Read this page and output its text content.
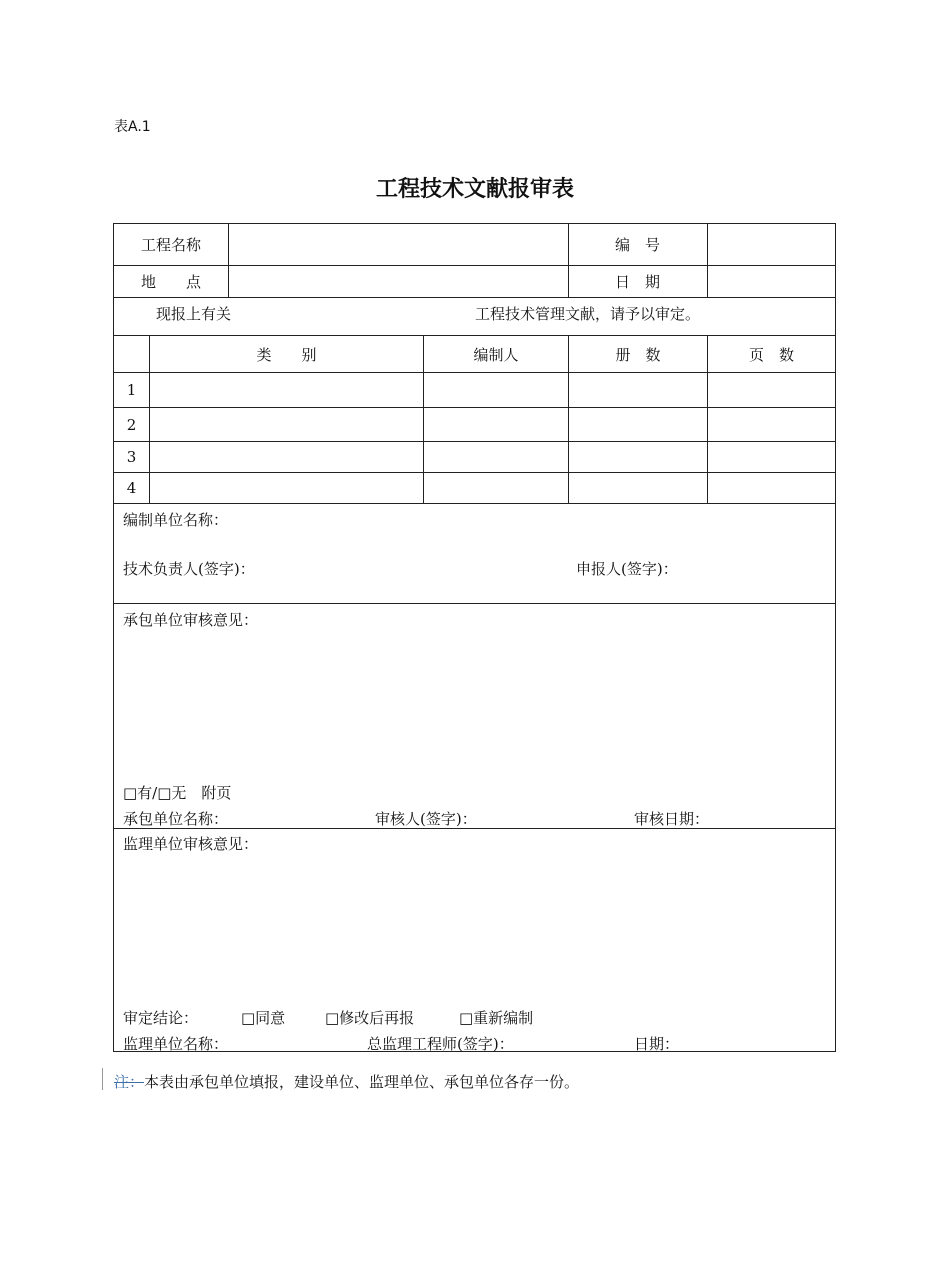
表A.1
工程技术文献报审表
工程名称	编　号
地　　点	日　期
现报上有关	工程技术管理文献，请予以审定。
类　　别	编制人	册　数	页　数
1
2
3
4
编制单位名称：
技术负责人(签字)：	申报人(签字)：
承包单位审核意见：
□有/□无　附页
承包单位名称：	审核人(签字)：	审核日期：
监理单位审核意见：
审定结论：	□同意	□修改后再报	□重新编制
监理单位名称：	总监理工程师(签字)：	日期：
注：本表由承包单位填报，建设单位、监理单位、承包单位各存一份。
